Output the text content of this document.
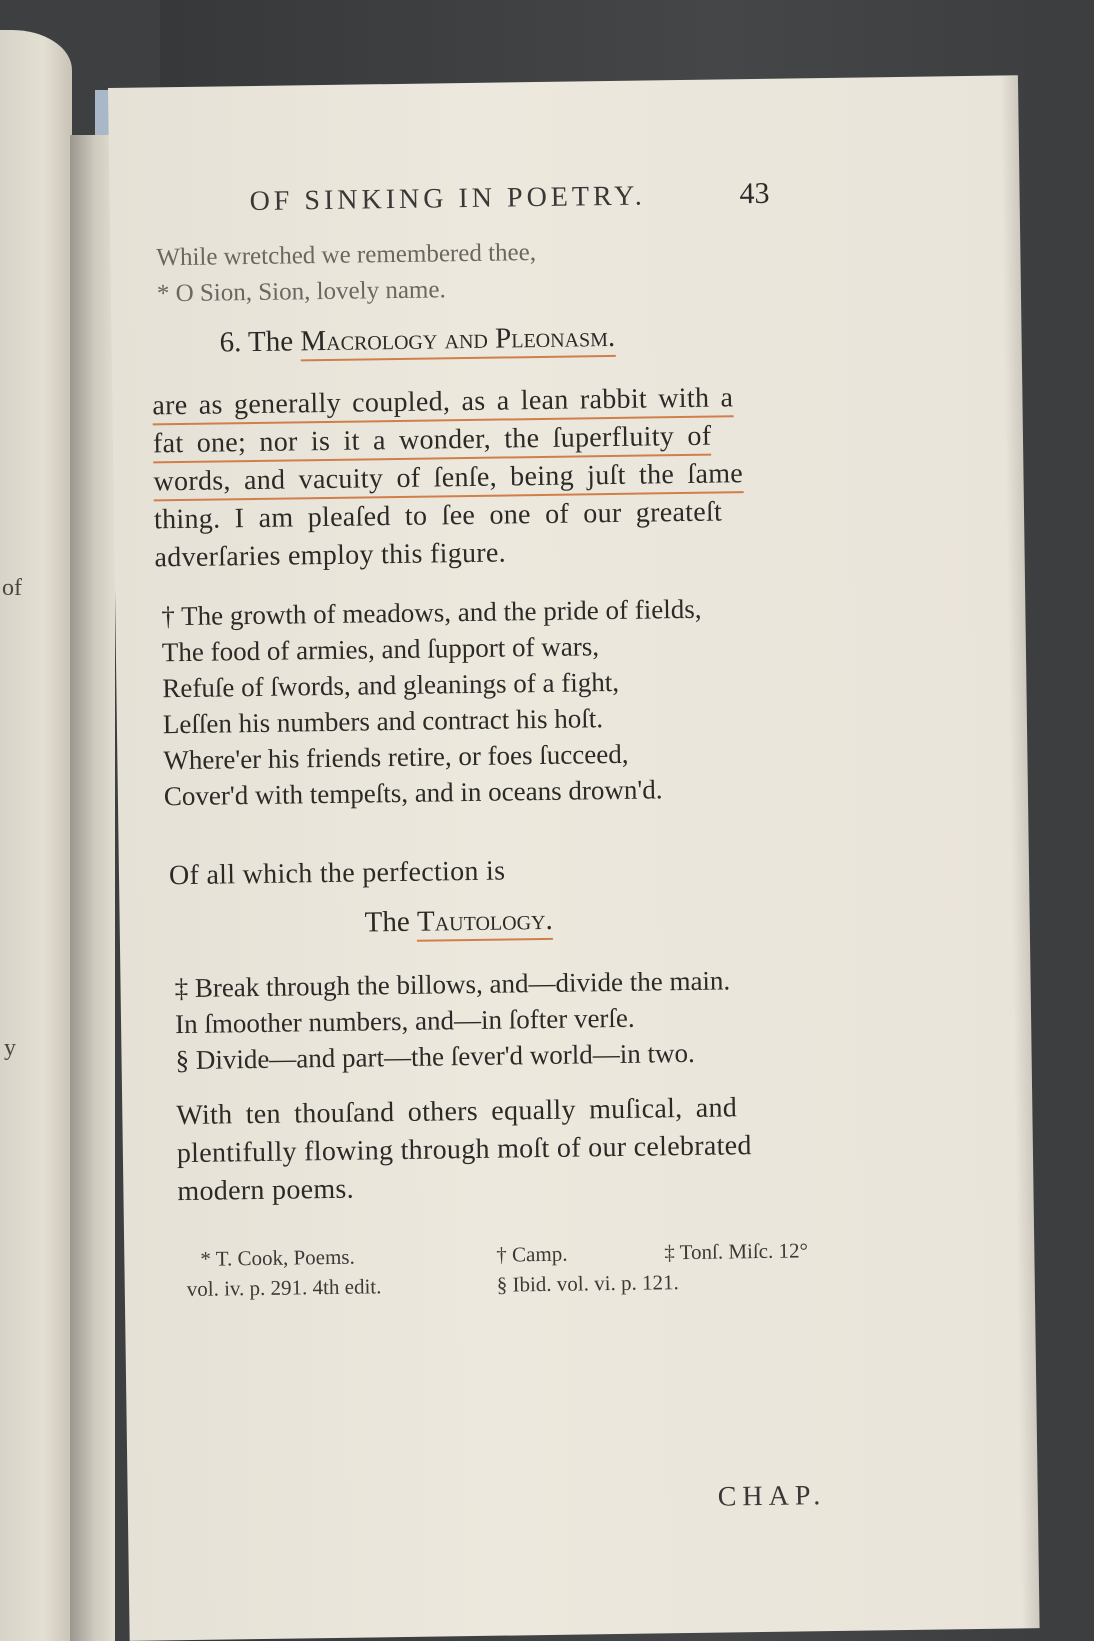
of
y
OF SINKING IN POETRY.	43
While wretched we remembered thee,
* O Sion, Sion, lovely name.
6. The Macrology and Pleonasm.
are as generally coupled, as a lean rabbit with a
fat one; nor is it a wonder, the ſuperfluity of
words, and vacuity of ſenſe, being juſt the ſame
thing. I am pleaſed to ſee one of our greateſt
adverſaries employ this figure.
† The growth of meadows, and the pride of fields,
The food of armies, and ſupport of wars,
Refuſe of ſwords, and gleanings of a fight,
Leſſen his numbers and contract his hoſt.
Where'er his friends retire, or foes ſucceed,
Cover'd with tempeſts, and in oceans drown'd.
Of all which the perfection is
The Tautology.
‡ Break through the billows, and—divide the main.
In ſmoother numbers, and—in ſofter verſe.
§ Divide—and part—the ſever'd world—in two.
With ten thouſand others equally muſical, and
plentifully flowing through moſt of our celebrated
modern poems.
* T. Cook, Poems.
vol. iv. p. 291. 4th edit.
† Camp.
§ Ibid. vol. vi. p. 121.
‡ Tonſ. Miſc. 12°
CHAP.
